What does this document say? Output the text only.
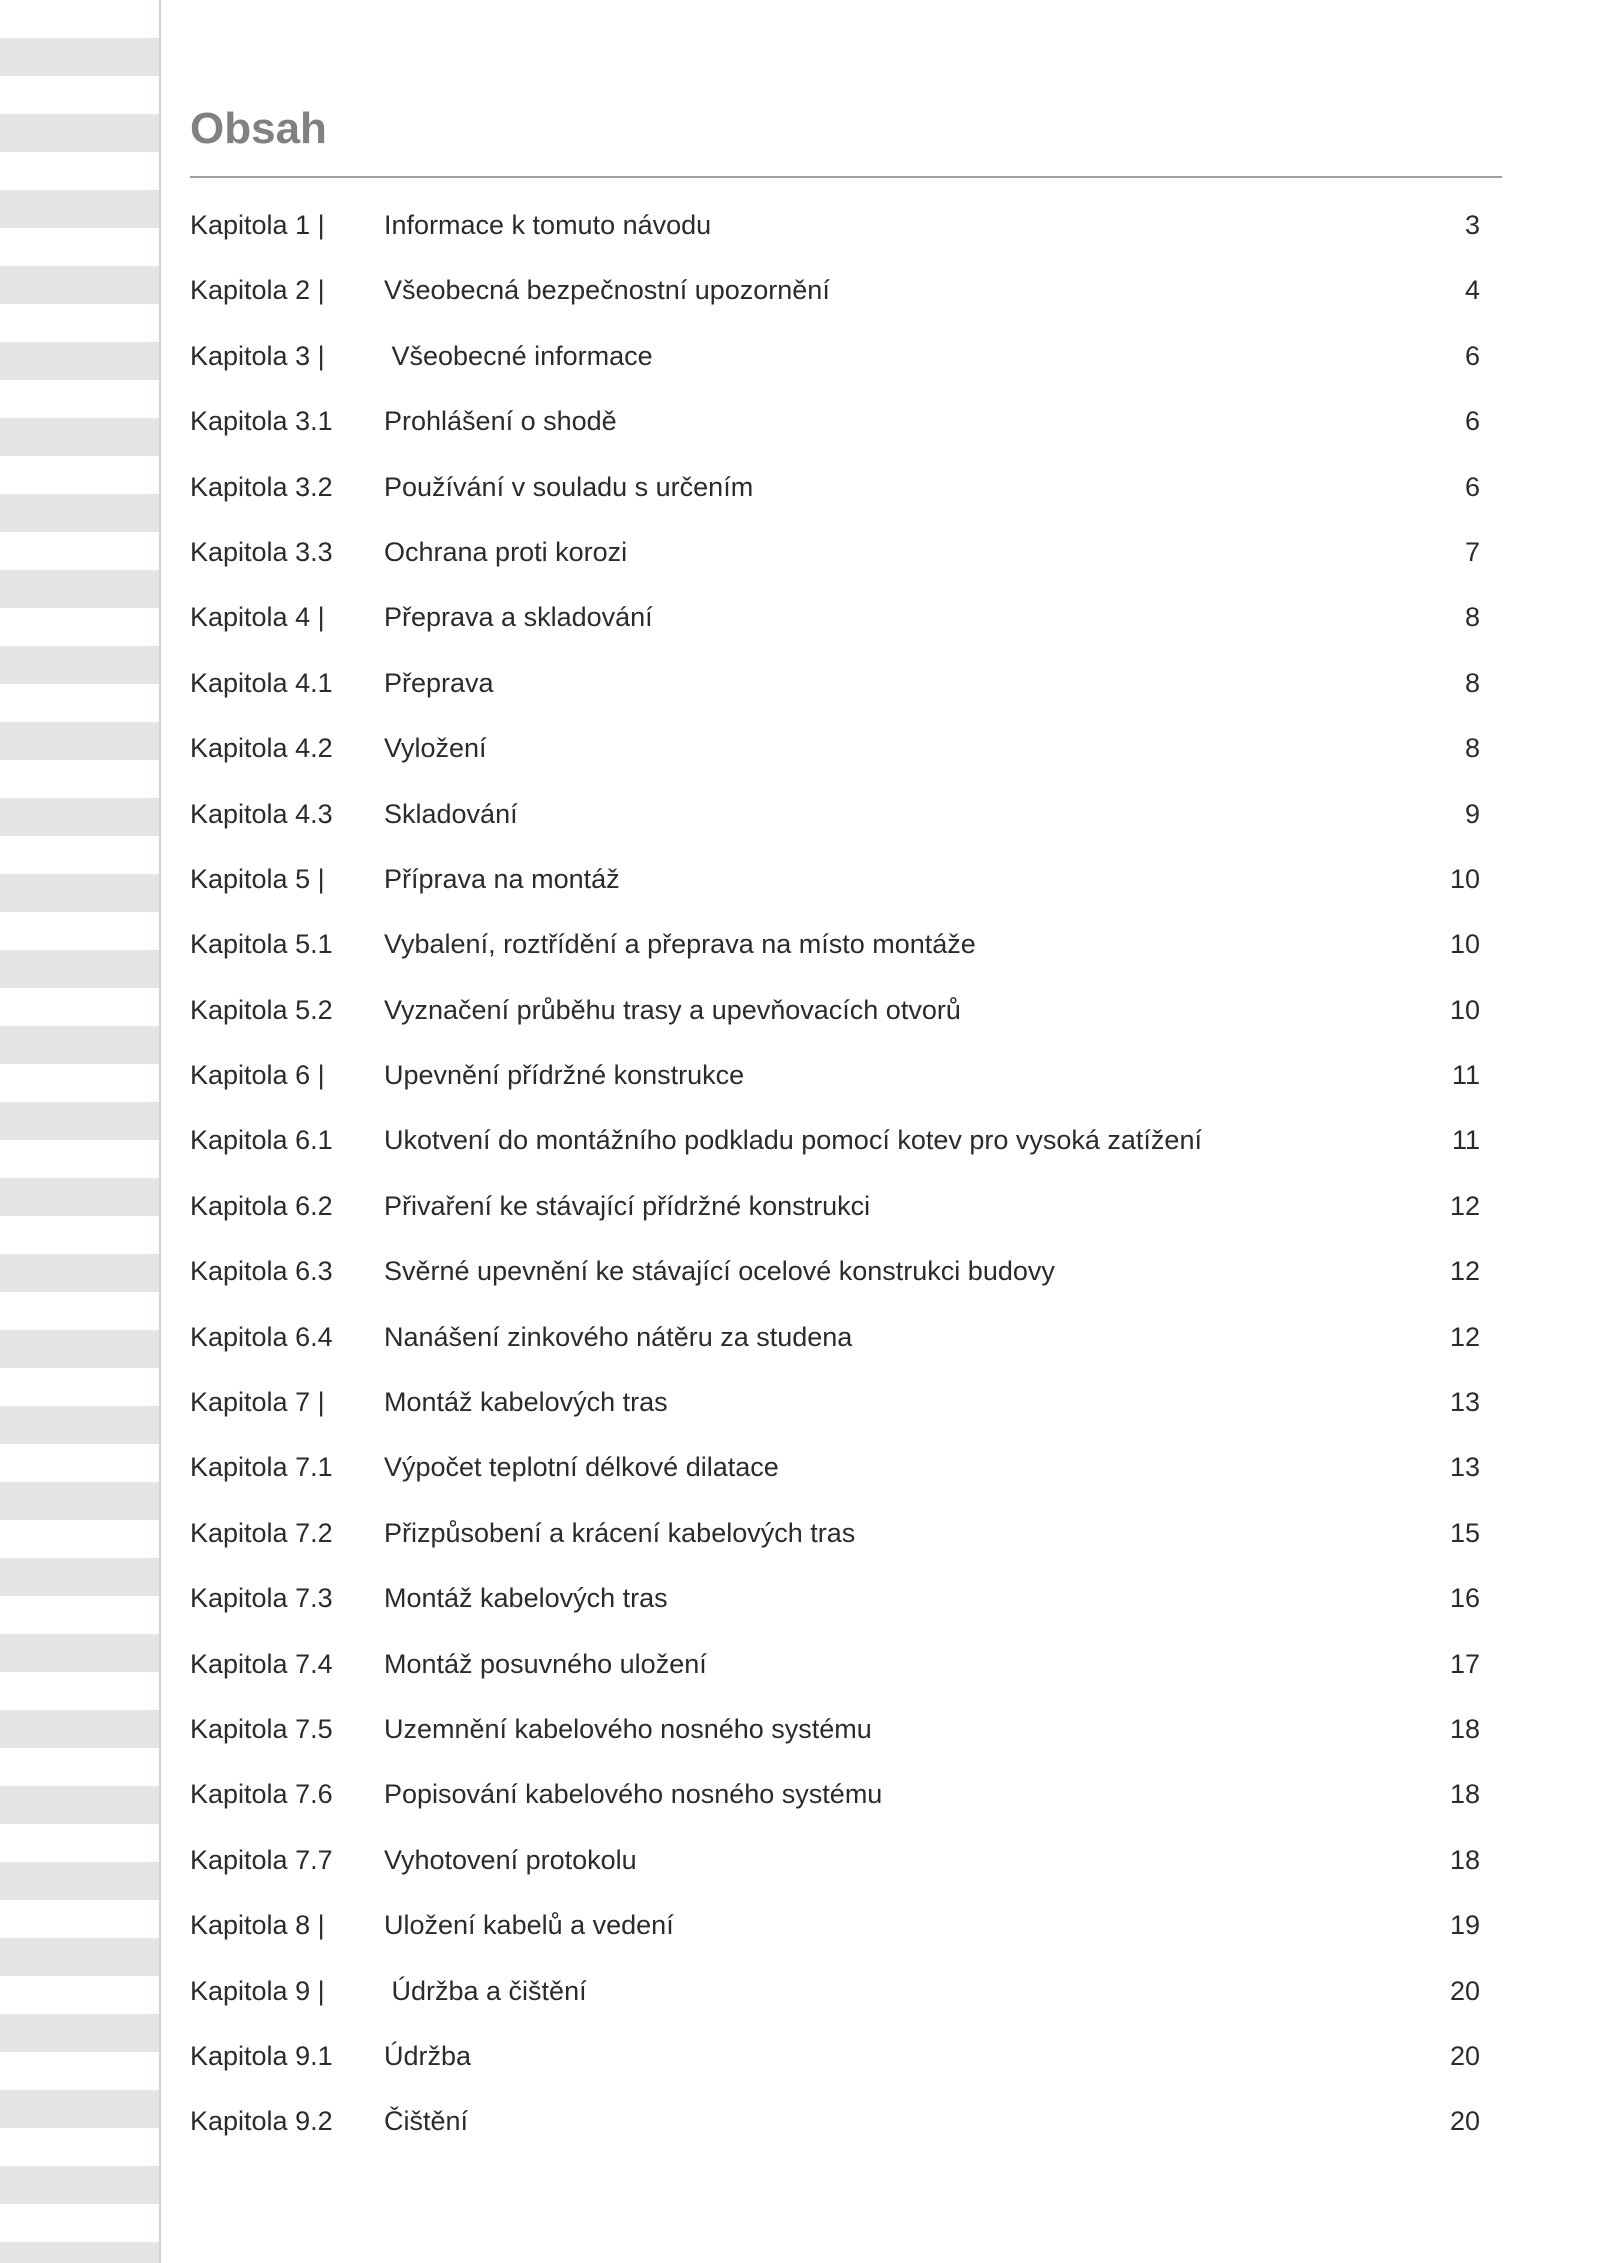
Obsah
Kapitola 1 | Informace k tomuto návodu	3
Kapitola 2 | Všeobecná bezpečnostní upozornění	4
Kapitola 3 | Všeobecné informace	6
Kapitola 3.1 Prohlášení o shodě	6
Kapitola 3.2 Používání v souladu s určením	6
Kapitola 3.3 Ochrana proti korozi	7
Kapitola 4 | Přeprava a skladování	8
Kapitola 4.1 Přeprava	8
Kapitola 4.2 Vyložení	8
Kapitola 4.3 Skladování	9
Kapitola 5 | Příprava na montáž	10
Kapitola 5.1 Vybalení, roztřídění a přeprava na místo montáže	10
Kapitola 5.2 Vyznačení průběhu trasy a upevňovacích otvorů	10
Kapitola 6 | Upevnění přídržné konstrukce	11
Kapitola 6.1 Ukotvení do montážního podkladu pomocí kotev pro vysoká zatížení	11
Kapitola 6.2 Přivaření ke stávající přídržné konstrukci	12
Kapitola 6.3 Svěrné upevnění ke stávající ocelové konstrukci budovy	12
Kapitola 6.4 Nanášení zinkového nátěru za studena	12
Kapitola 7 | Montáž kabelových tras	13
Kapitola 7.1 Výpočet teplotní délkové dilatace	13
Kapitola 7.2 Přizpůsobení a krácení kabelových tras	15
Kapitola 7.3 Montáž kabelových tras	16
Kapitola 7.4 Montáž posuvného uložení	17
Kapitola 7.5 Uzemnění kabelového nosného systému	18
Kapitola 7.6 Popisování kabelového nosného systému	18
Kapitola 7.7 Vyhotovení protokolu	18
Kapitola 8 | Uložení kabelů a vedení	19
Kapitola 9 | Údržba a čištění	20
Kapitola 9.1 Údržba	20
Kapitola 9.2 Čištění	20
